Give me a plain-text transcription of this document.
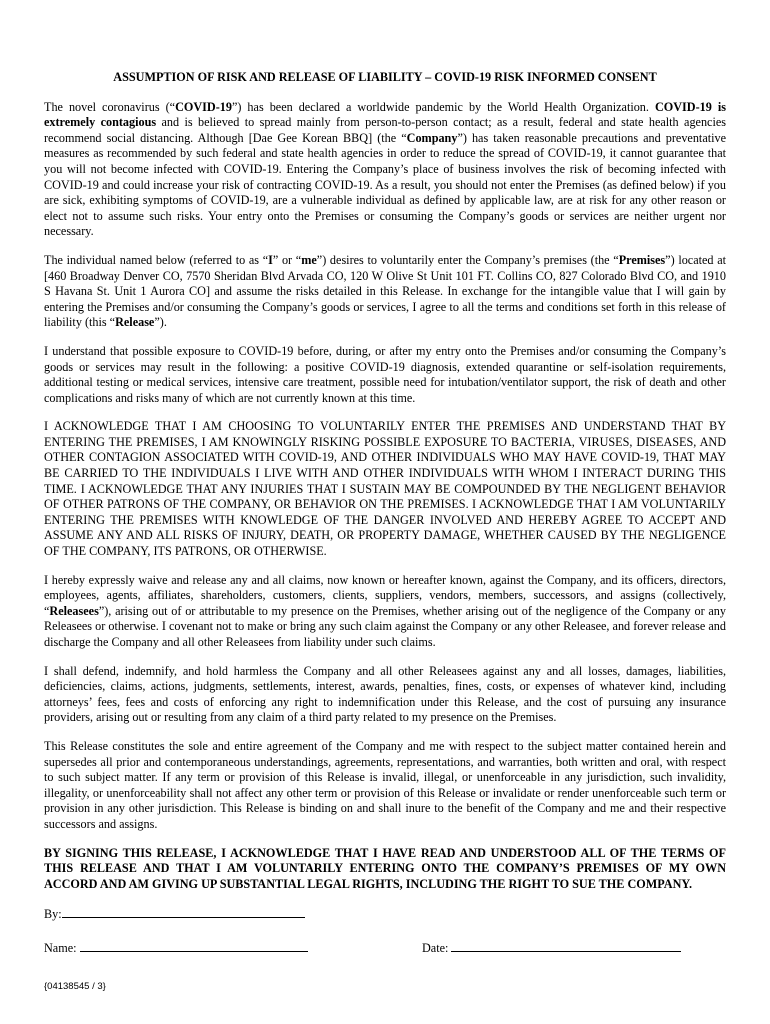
ASSUMPTION OF RISK AND RELEASE OF LIABILITY – COVID-19 RISK INFORMED CONSENT

The novel coronavirus (“COVID-19”) has been declared a worldwide pandemic by the World Health Organization. COVID-19 is extremely contagious and is believed to spread mainly from person-to-person contact; as a result, federal and state health agencies recommend social distancing. Although [Dae Gee Korean BBQ] (the “Company”) has taken reasonable precautions and preventative measures as recommended by such federal and state health agencies in order to reduce the spread of COVID-19, it cannot guarantee that you will not become infected with COVID-19. Entering the Company’s place of business involves the risk of becoming infected with COVID-19 and could increase your risk of contracting COVID-19. As a result, you should not enter the Premises (as defined below) if you are sick, exhibiting symptoms of COVID-19, are a vulnerable individual as defined by applicable law, are at risk for any other reason or elect not to assume such risks. Your entry onto the Premises or consuming the Company’s goods or services are neither urgent nor necessary.

The individual named below (referred to as “I” or “me”) desires to voluntarily enter the Company’s premises (the “Premises”) located at [460 Broadway Denver CO, 7570 Sheridan Blvd Arvada CO, 120 W Olive St Unit 101 FT. Collins CO, 827 Colorado Blvd CO, and 1910 S Havana St. Unit 1 Aurora CO] and assume the risks detailed in this Release. In exchange for the intangible value that I will gain by entering the Premises and/or consuming the Company’s goods or services, I agree to all the terms and conditions set forth in this release of liability (this “Release”).

I understand that possible exposure to COVID-19 before, during, or after my entry onto the Premises and/or consuming the Company’s goods or services may result in the following: a positive COVID-19 diagnosis, extended quarantine or self-isolation requirements, additional testing or medical services, intensive care treatment, possible need for intubation/ventilator support, the risk of death and other complications and risks many of which are not currently known at this time.

I ACKNOWLEDGE THAT I AM CHOOSING TO VOLUNTARILY ENTER THE PREMISES AND UNDERSTAND THAT BY ENTERING THE PREMISES, I AM KNOWINGLY RISKING POSSIBLE EXPOSURE TO BACTERIA, VIRUSES, DISEASES, AND OTHER CONTAGION ASSOCIATED WITH COVID-19, AND OTHER INDIVIDUALS WHO MAY HAVE COVID-19, THAT MAY BE CARRIED TO THE INDIVIDUALS I LIVE WITH AND OTHER INDIVIDUALS WITH WHOM I INTERACT DURING THIS TIME. I ACKNOWLEDGE THAT ANY INJURIES THAT I SUSTAIN MAY BE COMPOUNDED BY THE NEGLIGENT BEHAVIOR OF OTHER PATRONS OF THE COMPANY, OR BEHAVIOR ON THE PREMISES. I ACKNOWLEDGE THAT I AM VOLUNTARILY ENTERING THE PREMISES WITH KNOWLEDGE OF THE DANGER INVOLVED AND HEREBY AGREE TO ACCEPT AND ASSUME ANY AND ALL RISKS OF INJURY, DEATH, OR PROPERTY DAMAGE, WHETHER CAUSED BY THE NEGLIGENCE OF THE COMPANY, ITS PATRONS, OR OTHERWISE.

I hereby expressly waive and release any and all claims, now known or hereafter known, against the Company, and its officers, directors, employees, agents, affiliates, shareholders, customers, clients, suppliers, vendors, members, successors, and assigns (collectively, “Releasees”), arising out of or attributable to my presence on the Premises, whether arising out of the negligence of the Company or any Releasees or otherwise. I covenant not to make or bring any such claim against the Company or any other Releasee, and forever release and discharge the Company and all other Releasees from liability under such claims.

I shall defend, indemnify, and hold harmless the Company and all other Releasees against any and all losses, damages, liabilities, deficiencies, claims, actions, judgments, settlements, interest, awards, penalties, fines, costs, or expenses of whatever kind, including attorneys’ fees, fees and costs of enforcing any right to indemnification under this Release, and the cost of pursuing any insurance providers, arising out or resulting from any claim of a third party related to my presence on the Premises.

This Release constitutes the sole and entire agreement of the Company and me with respect to the subject matter contained herein and supersedes all prior and contemporaneous understandings, agreements, representations, and warranties, both written and oral, with respect to such subject matter. If any term or provision of this Release is invalid, illegal, or unenforceable in any jurisdiction, such invalidity, illegality, or unenforceability shall not affect any other term or provision of this Release or invalidate or render unenforceable such term or provision in any other jurisdiction. This Release is binding on and shall inure to the benefit of the Company and me and their respective successors and assigns.

BY SIGNING THIS RELEASE, I ACKNOWLEDGE THAT I HAVE READ AND UNDERSTOOD ALL OF THE TERMS OF THIS RELEASE AND THAT I AM VOLUNTARILY ENTERING ONTO THE COMPANY’S PREMISES OF MY OWN ACCORD AND AM GIVING UP SUBSTANTIAL LEGAL RIGHTS, INCLUDING THE RIGHT TO SUE THE COMPANY.

By:
Name:	Date:
{04138545 / 3}
